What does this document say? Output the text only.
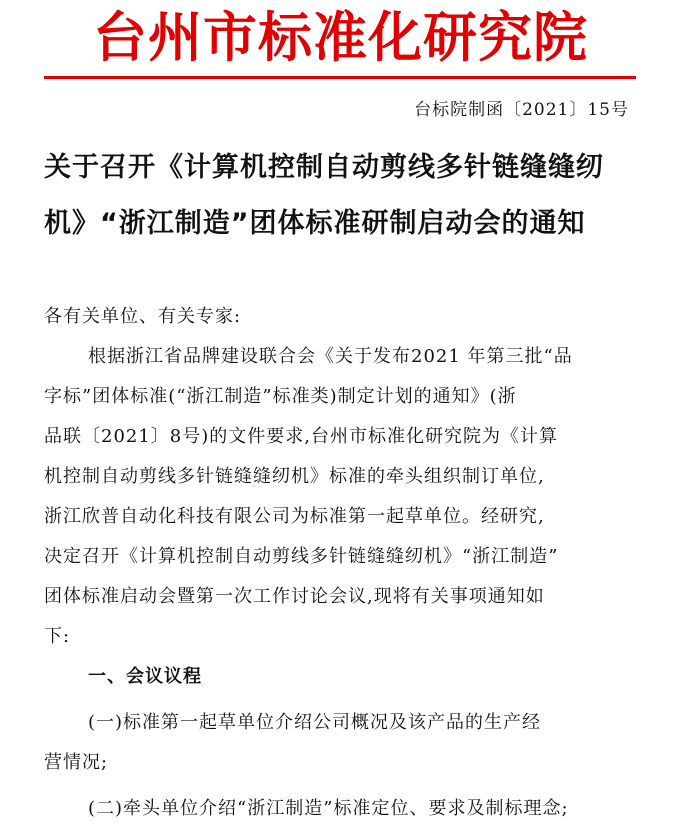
台州市标准化研究院
台标院制函〔2021〕15号
关于召开《计算机控制自动剪线多针链缝缝纫
机》“浙江制造”团体标准研制启动会的通知
各有关单位、有关专家:
根据浙江省品牌建设联合会《关于发布2021 年第三批“品
字标”团体标准(“浙江制造”标准类)制定计划的通知》(浙
品联〔2021〕8号)的文件要求,台州市标准化研究院为《计算
机控制自动剪线多针链缝缝纫机》标准的牵头组织制订单位,
浙江欣普自动化科技有限公司为标准第一起草单位。经研究,
决定召开《计算机控制自动剪线多针链缝缝纫机》“浙江制造”
团体标准启动会暨第一次工作讨论会议,现将有关事项通知如
下:
一、会议议程
(一)标准第一起草单位介绍公司概况及该产品的生产经
营情况;
(二)牵头单位介绍“浙江制造”标准定位、要求及制标理念;
